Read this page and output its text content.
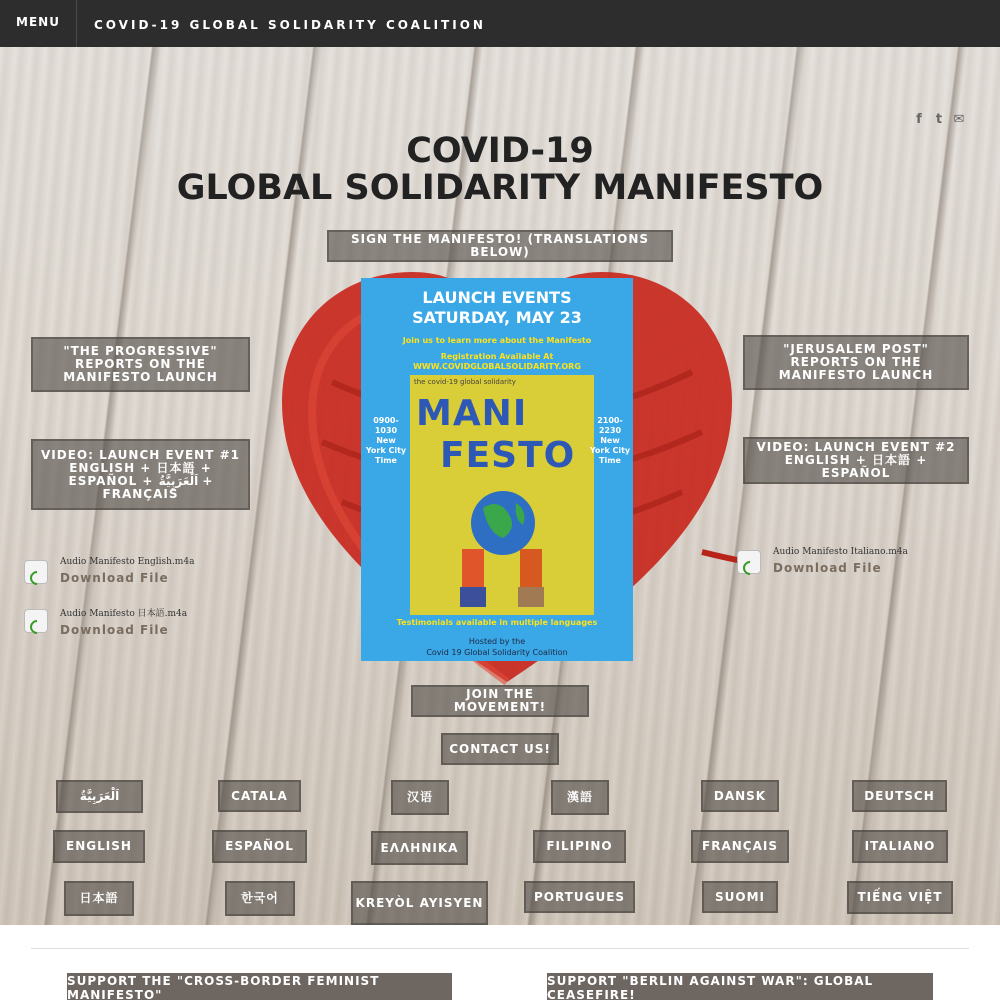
MENU	COVID-19 GLOBAL SOLIDARITY COALITION
f	t ✉
COVID-19
GLOBAL SOLIDARITY MANIFESTO
SIGN THE MANIFESTO! (TRANSLATIONS BELOW)
"THE PROGRESSIVE" REPORTS ON THE MANIFESTO LAUNCH
"JERUSALEM POST" REPORTS ON THE MANIFESTO LAUNCH
VIDEO: LAUNCH EVENT #1 ENGLISH + 日本語 + ESPAÑOL + اَلْعَرَبِيَّةُ + FRANÇAIS
VIDEO: LAUNCH EVENT #2 ENGLISH + 日本語 + ESPAÑOL
LAUNCH EVENTS
SATURDAY, MAY 23
Join us to learn more about the Manifesto
Registration Available At
WWW.COVIDGLOBALSOLIDARITY.ORG
the covid-19 global solidarity
MANI
FESTO
0900-1030 New York City Time
2100-2230 New York City Time
Testimonials available in multiple languages
Hosted by the
Covid 19 Global Solidarity Coalition
Audio Manifesto English.m4a
Download File
Audio Manifesto 日本語.m4a
Download File
Audio Manifesto Italiano.m4a
Download File
JOIN THE MOVEMENT!
CONTACT US!
اَلْعَرَبِيَّةُ	CATALA	汉语	漢語	DANSK	DEUTSCH
ENGLISH	ESPAÑOL	ΕΛΛΗΝΙΚΑ	FILIPINO	FRANÇAIS	ITALIANO
日本語	한국어	KREYÒL AYISYEN	PORTUGUES	SUOMI	TIẾNG VIỆT
SUPPORT THE "CROSS-BORDER FEMINIST MANIFESTO"
SUPPORT "BERLIN AGAINST WAR": GLOBAL CEASEFIRE!
